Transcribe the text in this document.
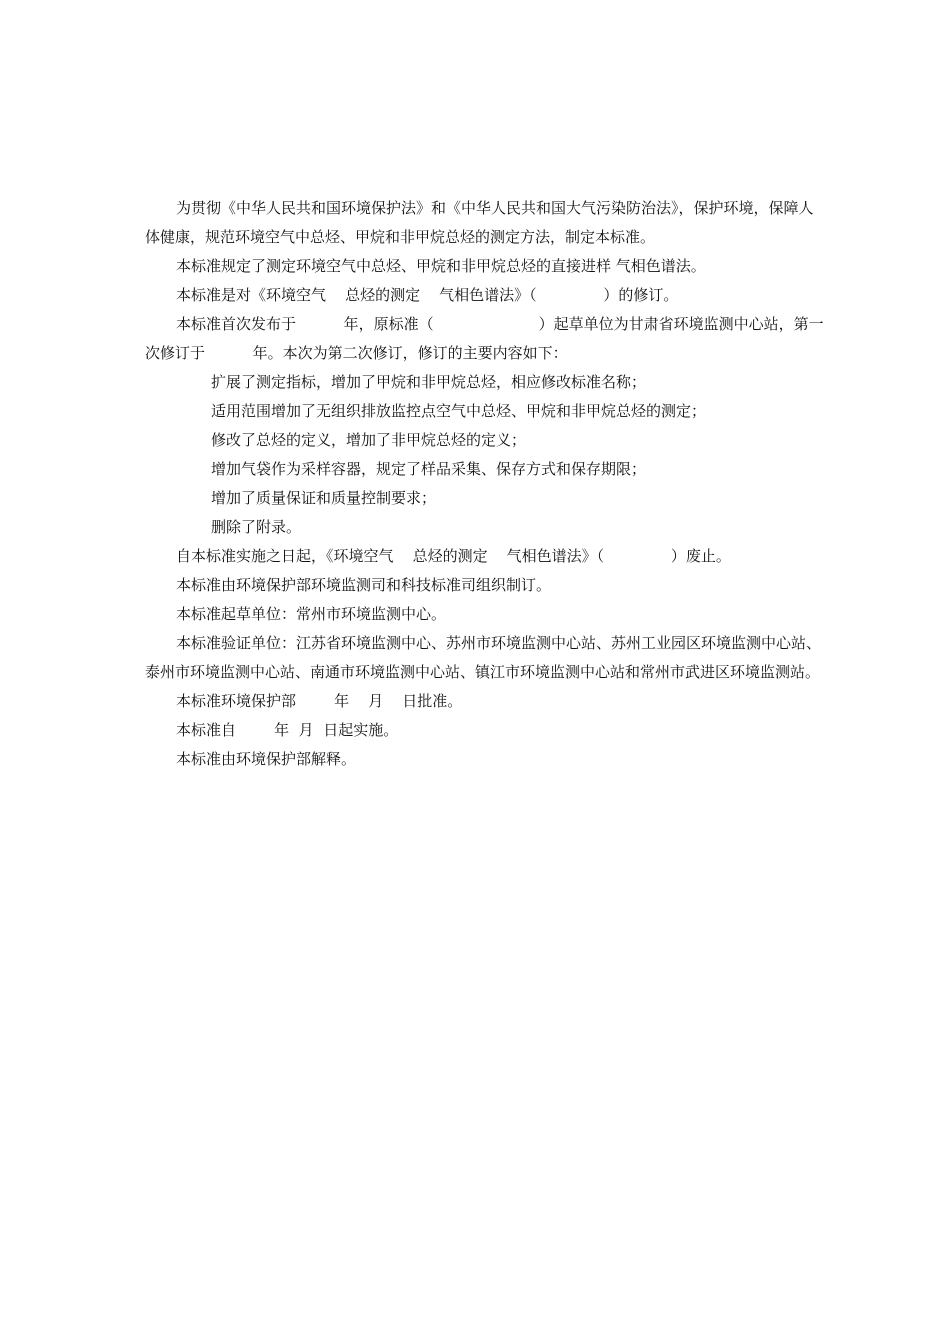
为贯彻《中华人民共和国环境保护法》和《中华人民共和国大气污染防治法》，保护环境，保障人体健康，规范环境空气中总烃、甲烷和非甲烷总烃的测定方法，制定本标准。

本标准规定了测定环境空气中总烃、甲烷和非甲烷总烃的直接进样 气相色谱法。

本标准是对《环境空气    总烃的测定    气相色谱法》（              ）的修订。

本标准首次发布于          年，原标准（                      ）起草单位为甘肃省环境监测中心站，第一次修订于          年。本次为第二次修订，修订的主要内容如下：

扩展了测定指标，增加了甲烷和非甲烷总烃，相应修改标准名称；

适用范围增加了无组织排放监控点空气中总烃、甲烷和非甲烷总烃的测定；

修改了总烃的定义，增加了非甲烷总烃的定义；

增加气袋作为采样容器，规定了样品采集、保存方式和保存期限；

增加了质量保证和质量控制要求；

删除了附录。

自本标准实施之日起，《环境空气    总烃的测定    气相色谱法》（              ）废止。

本标准由环境保护部环境监测司和科技标准司组织制订。

本标准起草单位：常州市环境监测中心。

本标准验证单位：江苏省环境监测中心、苏州市环境监测中心站、苏州工业园区环境监测中心站、泰州市环境监测中心站、南通市环境监测中心站、镇江市环境监测中心站和常州市武进区环境监测站。

本标准环境保护部        年    月    日批准。

本标准自        年  月  日起实施。

本标准由环境保护部解释。
